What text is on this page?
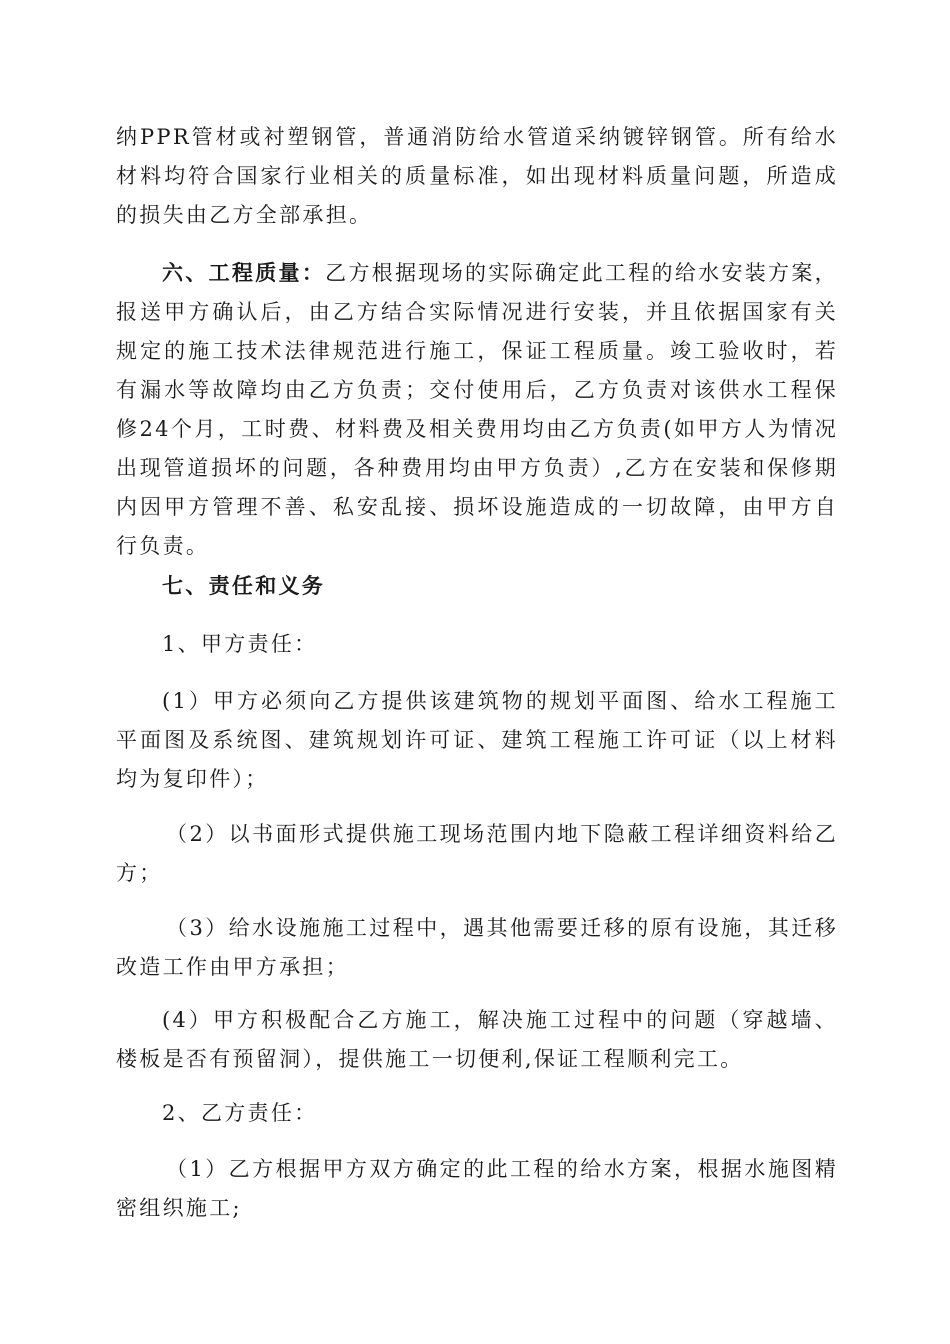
纳PPR管材或衬塑钢管，普通消防给水管道采纳镀锌钢管。所有给水材料均符合国家行业相关的质量标准，如出现材料质量问题，所造成的损失由乙方全部承担。

六、工程质量：乙方根据现场的实际确定此工程的给水安装方案，报送甲方确认后，由乙方结合实际情况进行安装，并且依据国家有关规定的施工技术法律规范进行施工，保证工程质量。竣工验收时，若有漏水等故障均由乙方负责；交付使用后，乙方负责对该供水工程保修24个月，工时费、材料费及相关费用均由乙方负责(如甲方人为情况出现管道损坏的问题，各种费用均由甲方负责）,乙方在安装和保修期内因甲方管理不善、私安乱接、损坏设施造成的一切故障，由甲方自行负责。

七、责任和义务

1、甲方责任：

(1）甲方必须向乙方提供该建筑物的规划平面图、给水工程施工平面图及系统图、建筑规划许可证、建筑工程施工许可证（以上材料均为复印件）；

（2）以书面形式提供施工现场范围内地下隐蔽工程详细资料给乙方；

（3）给水设施施工过程中，遇其他需要迁移的原有设施，其迁移改造工作由甲方承担；

(4）甲方积极配合乙方施工，解决施工过程中的问题（穿越墙、楼板是否有预留洞），提供施工一切便利,保证工程顺利完工。

2、乙方责任：

（1）乙方根据甲方双方确定的此工程的给水方案，根据水施图精密组织施工;
